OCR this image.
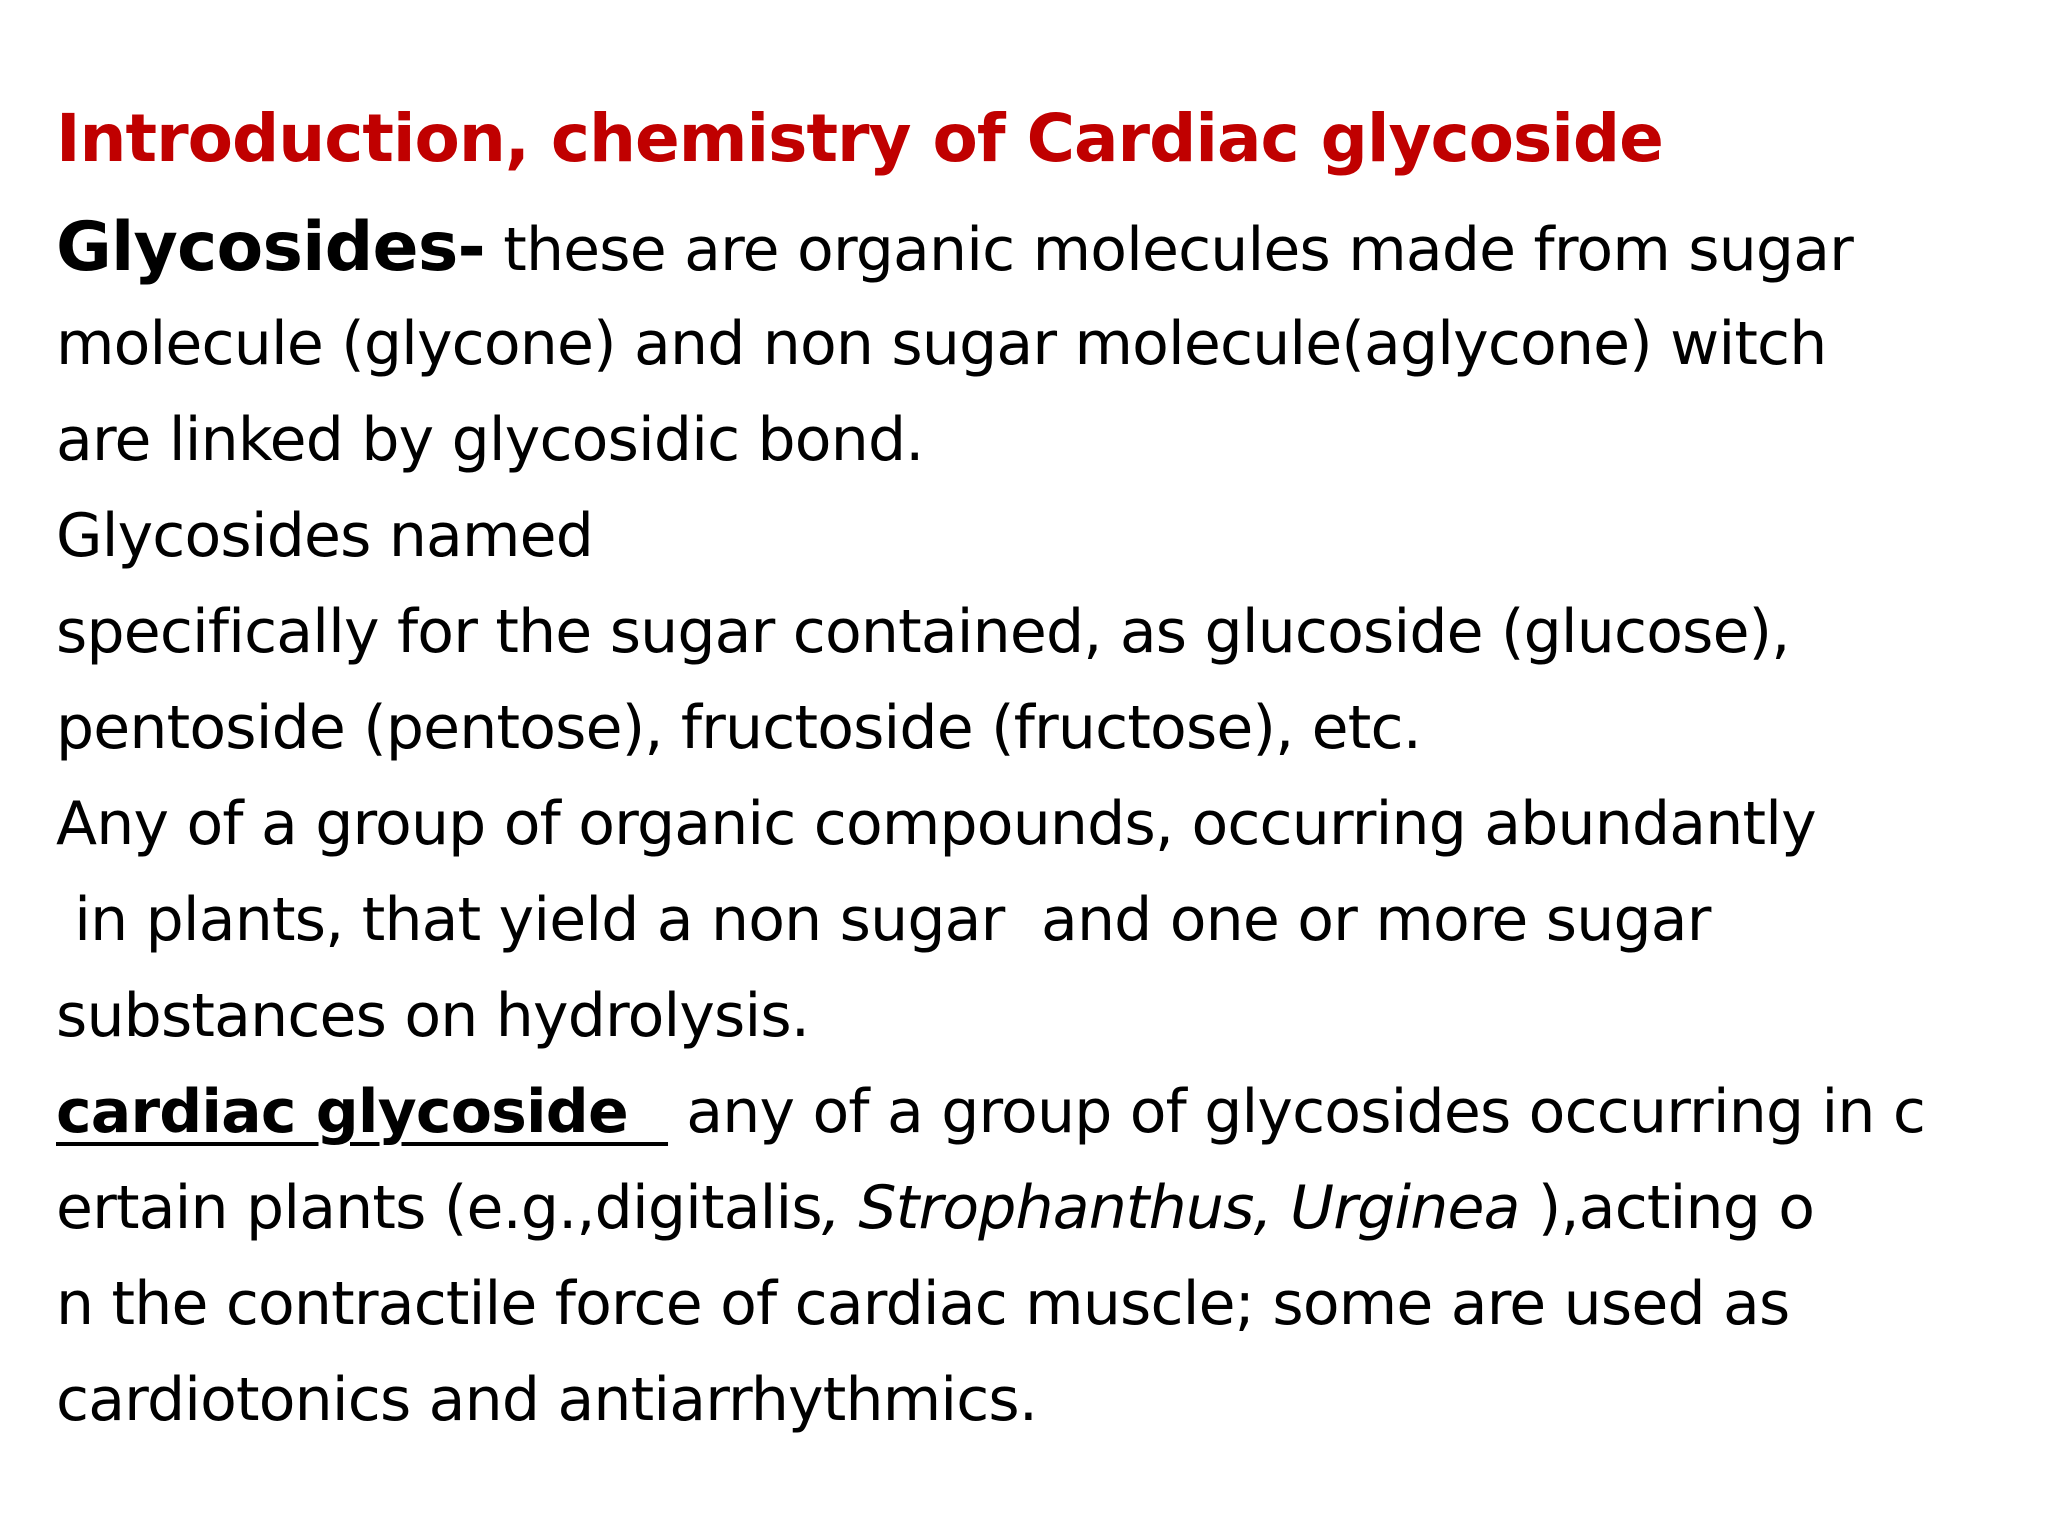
Introduction, chemistry of Cardiac glycoside
Glycosides- these are organic molecules made from sugar
molecule (glycone) and non sugar molecule(aglycone) witch
are linked by glycosidic bond.
Glycosides named
specifically for the sugar contained, as glucoside (glucose),
pentoside (pentose), fructoside (fructose), etc.
Any of a group of organic compounds, occurring abundantly
in plants, that yield a non sugar  and one or more sugar
substances on hydrolysis.
cardiac glycoside   any of a group of glycosides occurring in c
ertain plants (e.g.,digitalis, Strophanthus, Urginea ),acting o
n the contractile force of cardiac muscle; some are used as
cardiotonics and antiarrhythmics.
